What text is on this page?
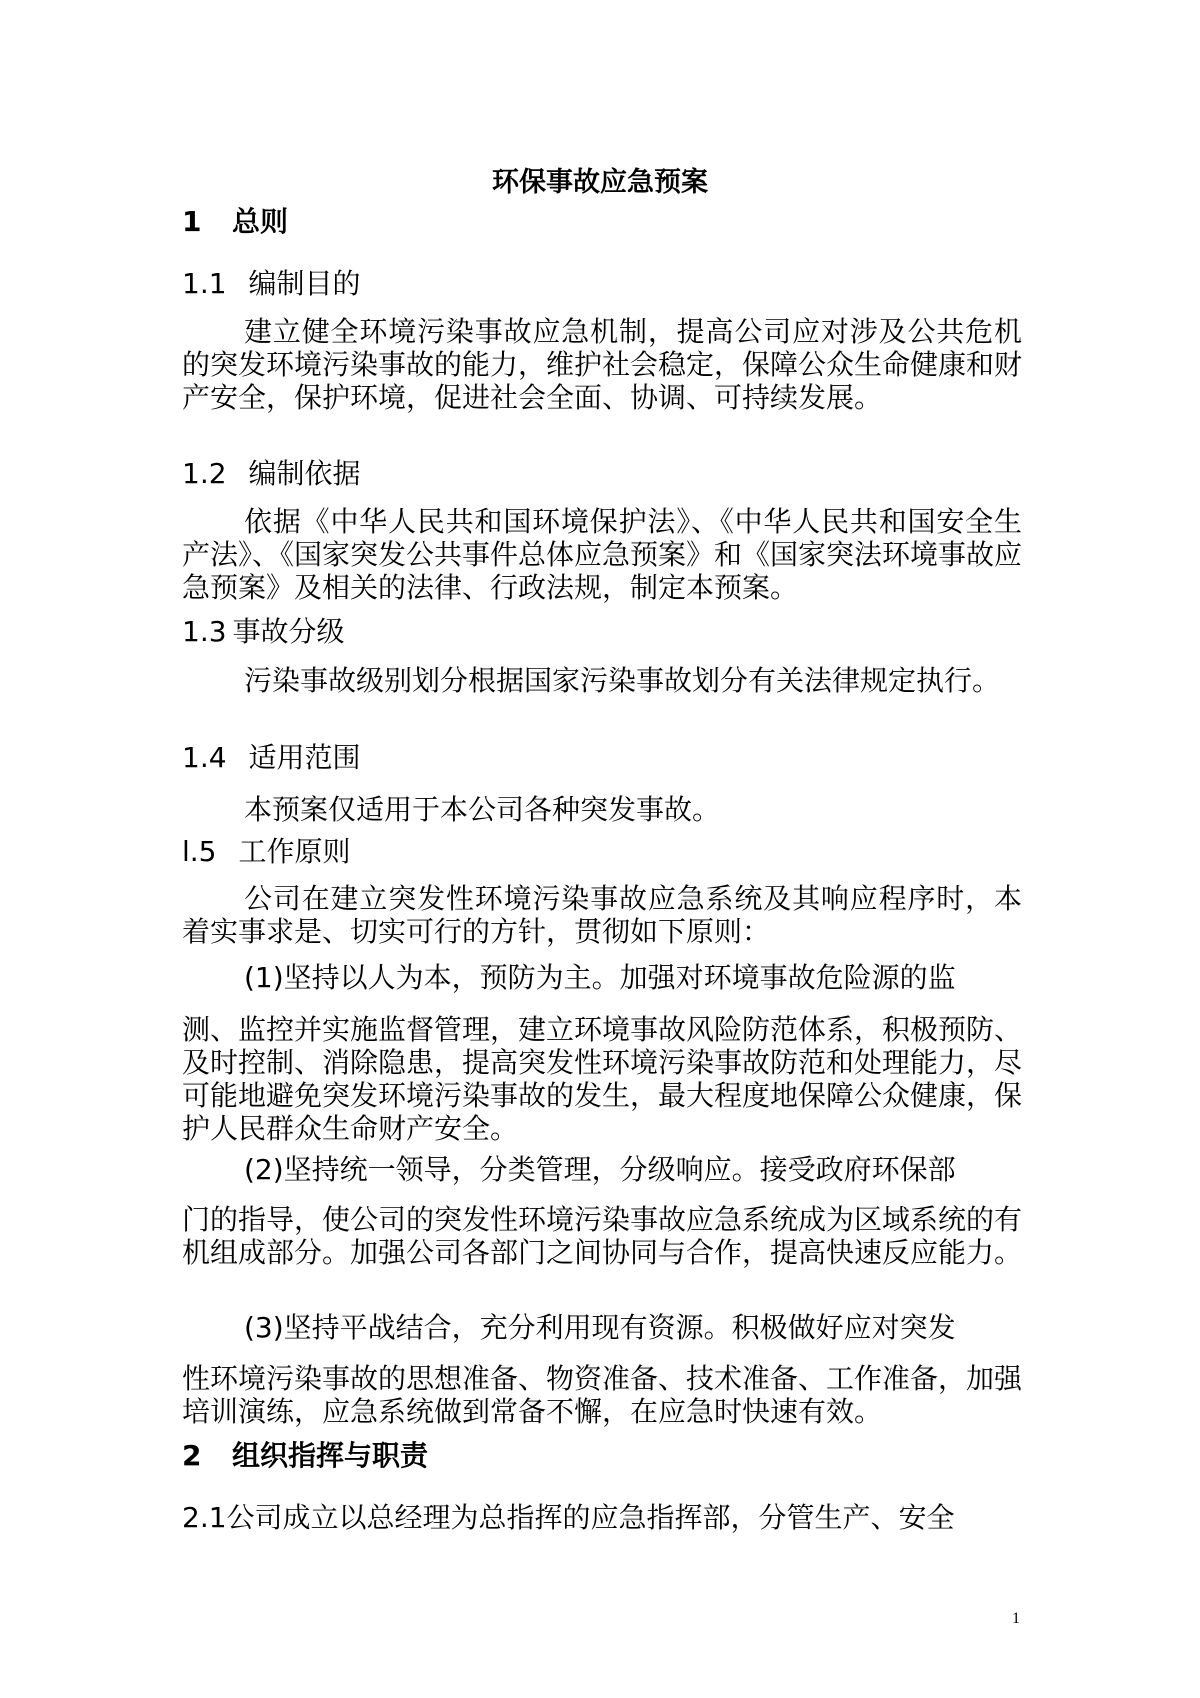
环保事故应急预案
1 总则
1.1 编制目的
建立健全环境污染事故应急机制，提高公司应对涉及公共危机的突发环境污染事故的能力，维护社会稳定，保障公众生命健康和财产安全，保护环境，促进社会全面、协调、可持续发展。
1.2 编制依据
依据《中华人民共和国环境保护法》、《中华人民共和国安全生产法》、《国家突发公共事件总体应急预案》和《国家突法环境事故应急预案》及相关的法律、行政法规，制定本预案。
1.3 事故分级
污染事故级别划分根据国家污染事故划分有关法律规定执行。
1.4 适用范围
本预案仅适用于本公司各种突发事故。
l.5 工作原则
公司在建立突发性环境污染事故应急系统及其响应程序时，本着实事求是、切实可行的方针，贯彻如下原则：
(1)坚持以人为本，预防为主。加强对环境事故危险源的监
测、监控并实施监督管理，建立环境事故风险防范体系，积极预防、及时控制、消除隐患，提高突发性环境污染事故防范和处理能力，尽可能地避免突发环境污染事故的发生，最大程度地保障公众健康，保护人民群众生命财产安全。
(2)坚持统一领导，分类管理，分级响应。接受政府环保部
门的指导，使公司的突发性环境污染事故应急系统成为区域系统的有机组成部分。加强公司各部门之间协同与合作，提高快速反应能力。
(3)坚持平战结合，充分利用现有资源。积极做好应对突发
性环境污染事故的思想准备、物资准备、技术准备、工作准备，加强培训演练，应急系统做到常备不懈，在应急时快速有效。
2 组织指挥与职责
2.1公司成立以总经理为总指挥的应急指挥部，分管生产、安全
1
